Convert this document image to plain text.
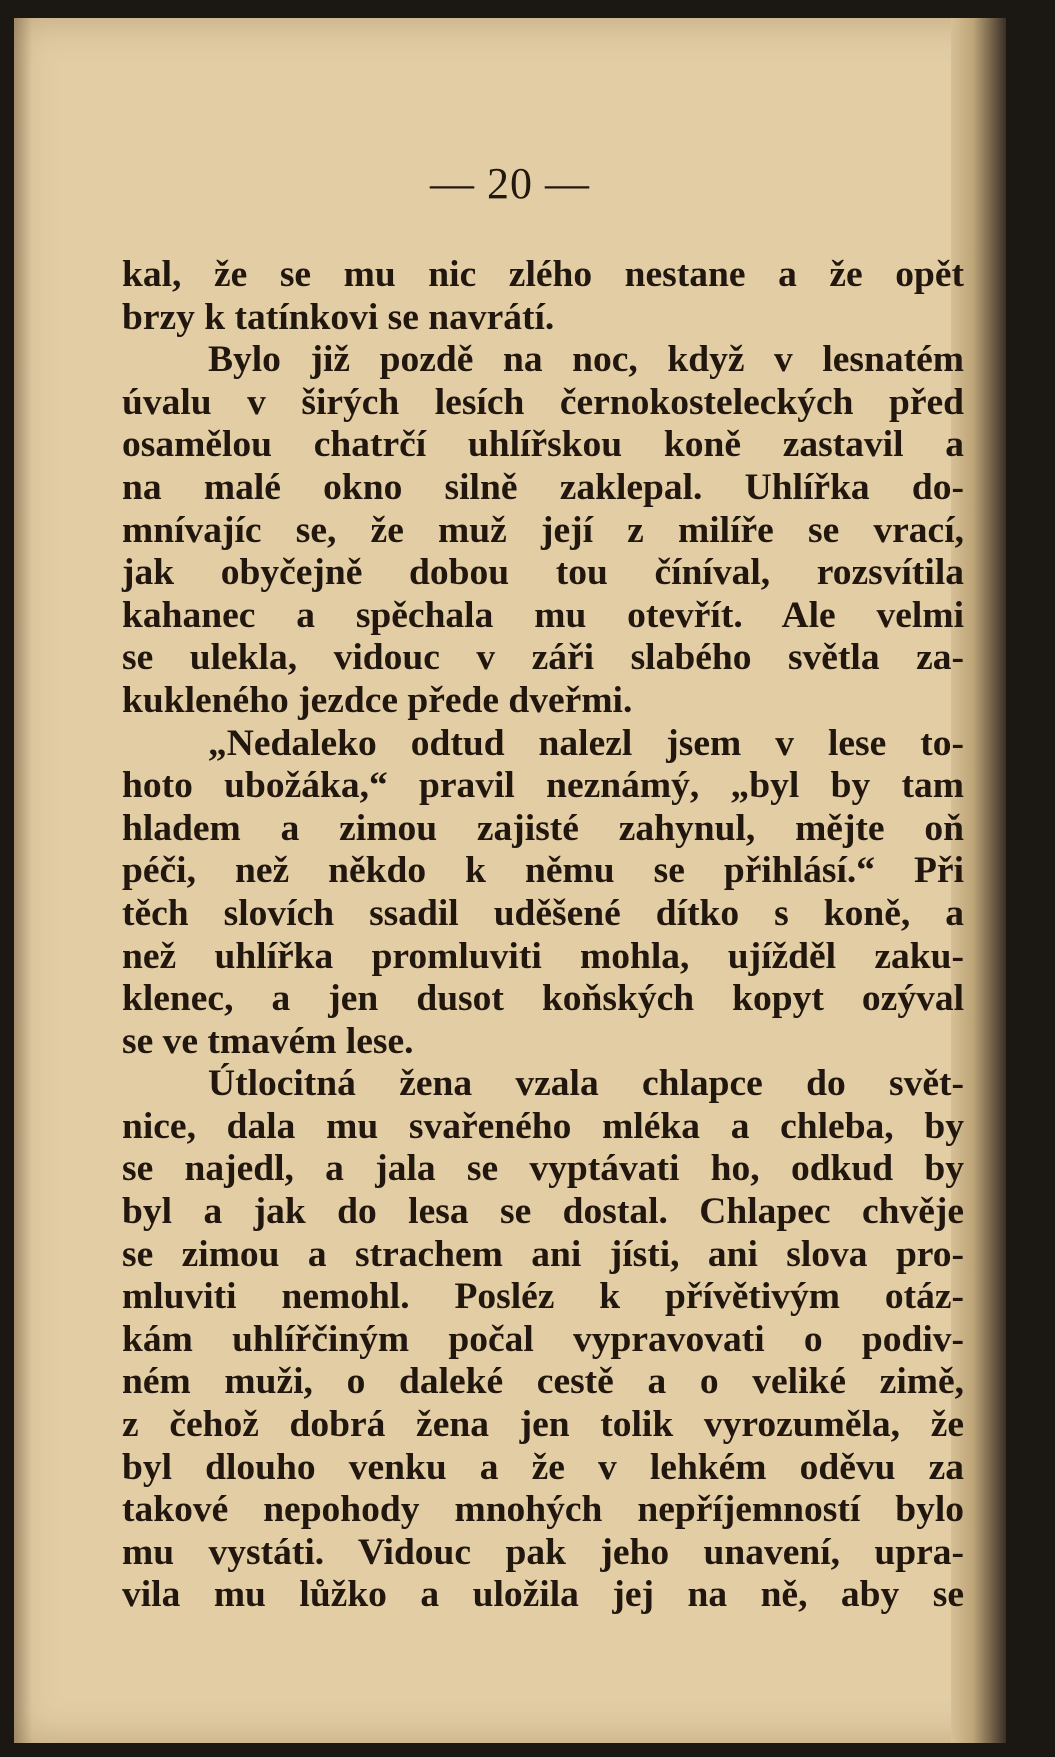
— 20 —
kal, že se mu nic zlého nestane a že opět
brzy k tatínkovi se navrátí.
Bylo již pozdě na noc, když v lesnatém
úvalu v širých lesích černokosteleckých před
osamělou chatrčí uhlířskou koně zastavil a
na malé okno silně zaklepal. Uhlířka do-
mnívajíc se, že muž její z milíře se vrací,
jak obyčejně dobou tou číníval, rozsvítila
kahanec a spěchala mu otevřít. Ale velmi
se ulekla, vidouc v záři slabého světla za-
kukleného jezdce přede dveřmi.
„Nedaleko odtud nalezl jsem v lese to-
hoto ubožáka,“ pravil neznámý, „byl by tam
hladem a zimou zajisté zahynul, mějte oň
péči, než někdo k němu se přihlásí.“ Při
těch slovích ssadil uděšené dítko s koně, a
než uhlířka promluviti mohla, ujížděl zaku-
klenec, a jen dusot koňských kopyt ozýval
se ve tmavém lese.
Útlocitná žena vzala chlapce do svět-
nice, dala mu svařeného mléka a chleba, by
se najedl, a jala se vyptávati ho, odkud by
byl a jak do lesa se dostal. Chlapec chvěje
se zimou a strachem ani jísti, ani slova pro-
mluviti nemohl. Posléz k přívětivým otáz-
kám uhlířčiným počal vypravovati o podiv-
ném muži, o daleké cestě a o veliké zimě,
z čehož dobrá žena jen tolik vyrozuměla, že
byl dlouho venku a že v lehkém oděvu za
takové nepohody mnohých nepříjemností bylo
mu vystáti. Vidouc pak jeho unavení, upra-
vila mu lůžko a uložila jej na ně, aby se
